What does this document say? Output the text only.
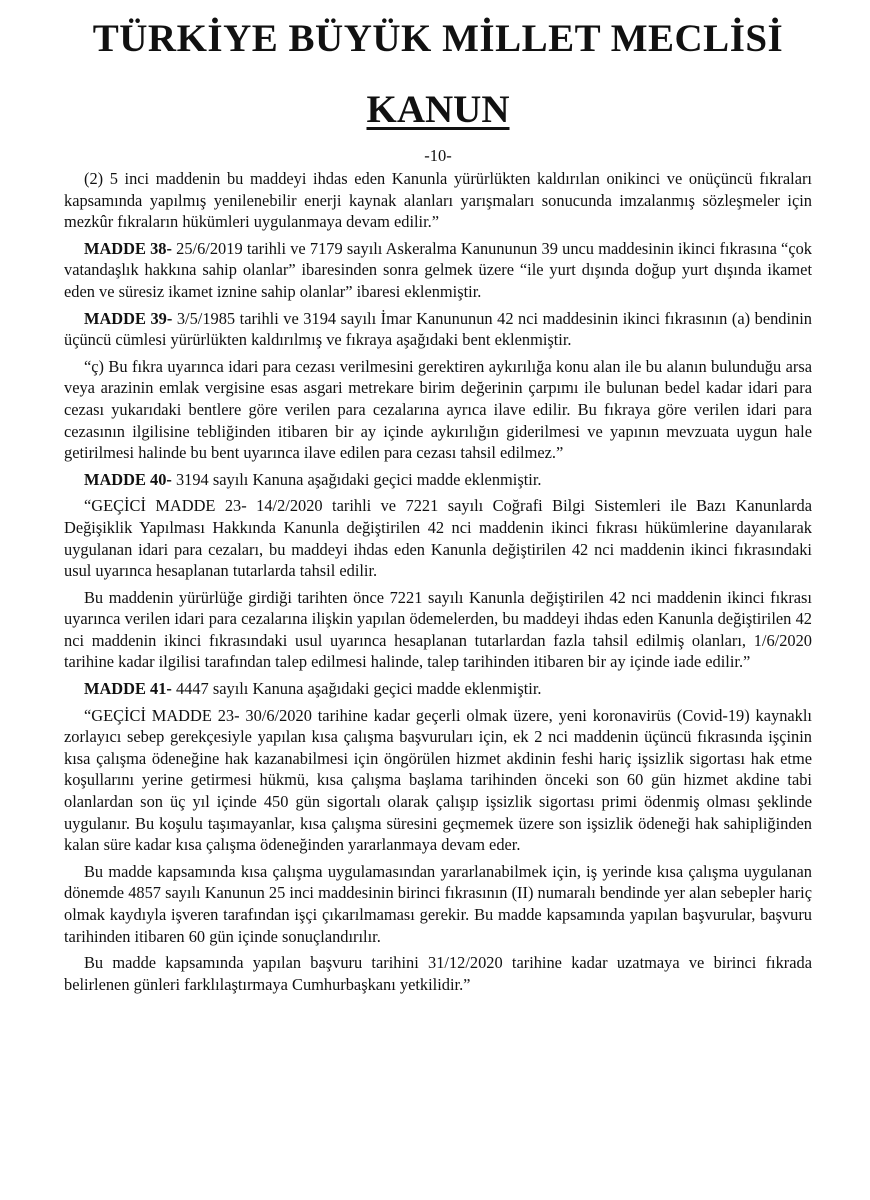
TÜRKİYE BÜYÜK MİLLET MECLİSİ
KANUN
-10-

(2) 5 inci maddenin bu maddeyi ihdas eden Kanunla yürürlükten kaldırılan onikinci ve onüçüncü fıkraları kapsamında yapılmış yenilenebilir enerji kaynak alanları yarışmaları sonucunda imzalanmış sözleşmeler için mezkûr fıkraların hükümleri uygulanmaya devam edilir.”

MADDE 38- 25/6/2019 tarihli ve 7179 sayılı Askeralma Kanununun 39 uncu maddesinin ikinci fıkrasına “çok vatandaşlık hakkına sahip olanlar” ibaresinden sonra gelmek üzere “ile yurt dışında doğup yurt dışında ikamet eden ve süresiz ikamet iznine sahip olanlar” ibaresi eklenmiştir.

MADDE 39- 3/5/1985 tarihli ve 3194 sayılı İmar Kanununun 42 nci maddesinin ikinci fıkrasının (a) bendinin üçüncü cümlesi yürürlükten kaldırılmış ve fıkraya aşağıdaki bent eklenmiştir.

“ç) Bu fıkra uyarınca idari para cezası verilmesini gerektiren aykırılığa konu alan ile bu alanın bulunduğu arsa veya arazinin emlak vergisine esas asgari metrekare birim değerinin çarpımı ile bulunan bedel kadar idari para cezası yukarıdaki bentlere göre verilen para cezalarına ayrıca ilave edilir. Bu fıkraya göre verilen idari para cezasının ilgilisine tebliğinden itibaren bir ay içinde aykırılığın giderilmesi ve yapının mevzuata uygun hale getirilmesi halinde bu bent uyarınca ilave edilen para cezası tahsil edilmez.”

MADDE 40- 3194 sayılı Kanuna aşağıdaki geçici madde eklenmiştir.

“GEÇİCİ MADDE 23- 14/2/2020 tarihli ve 7221 sayılı Coğrafi Bilgi Sistemleri ile Bazı Kanunlarda Değişiklik Yapılması Hakkında Kanunla değiştirilen 42 nci maddenin ikinci fıkrası hükümlerine dayanılarak uygulanan idari para cezaları, bu maddeyi ihdas eden Kanunla değiştirilen 42 nci maddenin ikinci fıkrasındaki usul uyarınca hesaplanan tutarlarda tahsil edilir.

Bu maddenin yürürlüğe girdiği tarihten önce 7221 sayılı Kanunla değiştirilen 42 nci maddenin ikinci fıkrası uyarınca verilen idari para cezalarına ilişkin yapılan ödemelerden, bu maddeyi ihdas eden Kanunla değiştirilen 42 nci maddenin ikinci fıkrasındaki usul uyarınca hesaplanan tutarlardan fazla tahsil edilmiş olanları, 1/6/2020 tarihine kadar ilgilisi tarafından talep edilmesi halinde, talep tarihinden itibaren bir ay içinde iade edilir.”

MADDE 41- 4447 sayılı Kanuna aşağıdaki geçici madde eklenmiştir.

“GEÇİCİ MADDE 23- 30/6/2020 tarihine kadar geçerli olmak üzere, yeni koronavirüs (Covid-19) kaynaklı zorlayıcı sebep gerekçesiyle yapılan kısa çalışma başvuruları için, ek 2 nci maddenin üçüncü fıkrasında işçinin kısa çalışma ödeneğine hak kazanabilmesi için öngörülen hizmet akdinin feshi hariç işsizlik sigortası hak etme koşullarını yerine getirmesi hükmü, kısa çalışma başlama tarihinden önceki son 60 gün hizmet akdine tabi olanlardan son üç yıl içinde 450 gün sigortalı olarak çalışıp işsizlik sigortası primi ödenmiş olması şeklinde uygulanır. Bu koşulu taşımayanlar, kısa çalışma süresini geçmemek üzere son işsizlik ödeneği hak sahipliğinden kalan süre kadar kısa çalışma ödeneğinden yararlanmaya devam eder.

Bu madde kapsamında kısa çalışma uygulamasından yararlanabilmek için, iş yerinde kısa çalışma uygulanan dönemde 4857 sayılı Kanunun 25 inci maddesinin birinci fıkrasının (II) numaralı bendinde yer alan sebepler hariç olmak kaydıyla işveren tarafından işçi çıkarılmaması gerekir. Bu madde kapsamında yapılan başvurular, başvuru tarihinden itibaren 60 gün içinde sonuçlandırılır.

Bu madde kapsamında yapılan başvuru tarihini 31/12/2020 tarihine kadar uzatmaya ve birinci fıkrada belirlenen günleri farklılaştırmaya Cumhurbaşkanı yetkilidir.”
